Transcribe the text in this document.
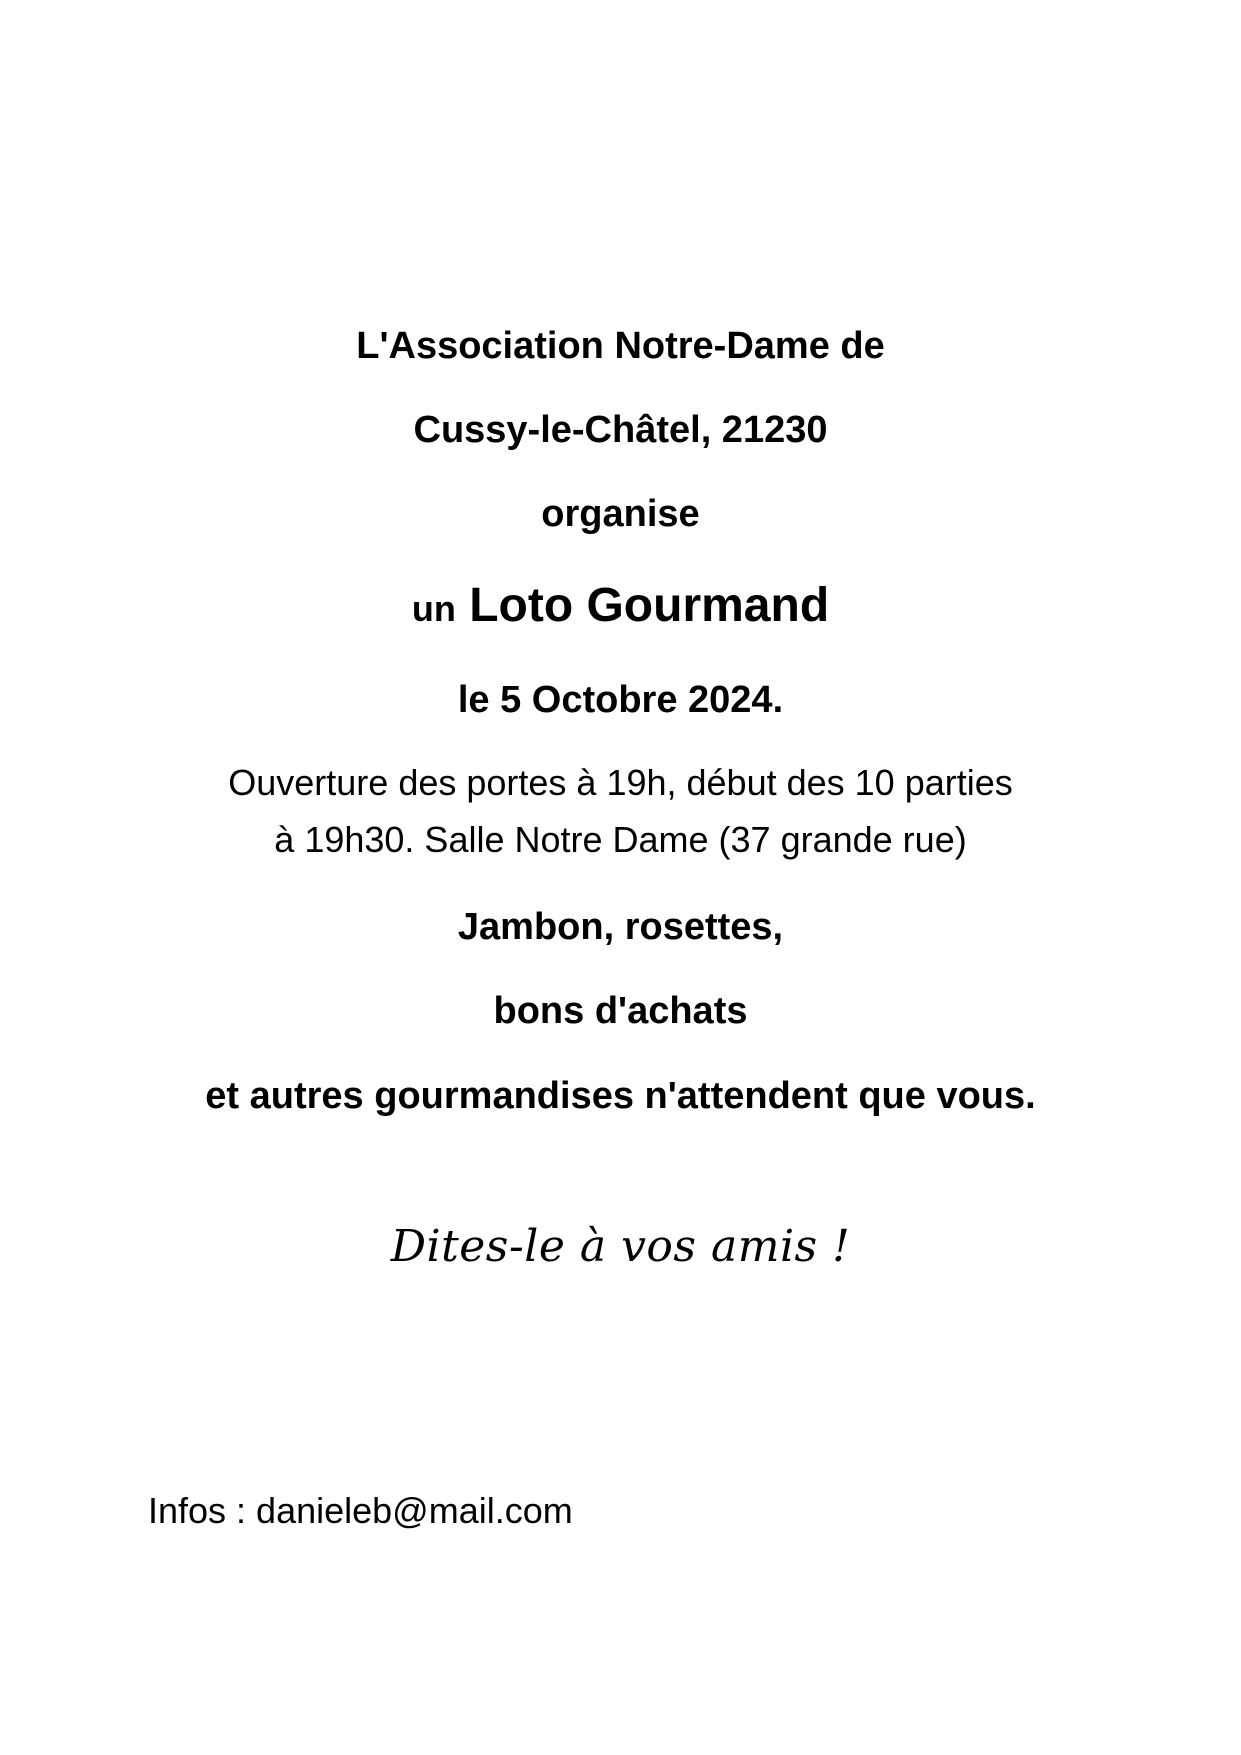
L'Association Notre-Dame de
Cussy-le-Châtel, 21230
organise
un Loto Gourmand
le 5 Octobre 2024.
Ouverture des portes à 19h, début des 10 parties
à 19h30. Salle Notre Dame (37 grande rue)
Jambon, rosettes,
bons d'achats
et autres gourmandises n'attendent que vous.
Dites-le à vos amis !
Infos : danieleb@mail.com
